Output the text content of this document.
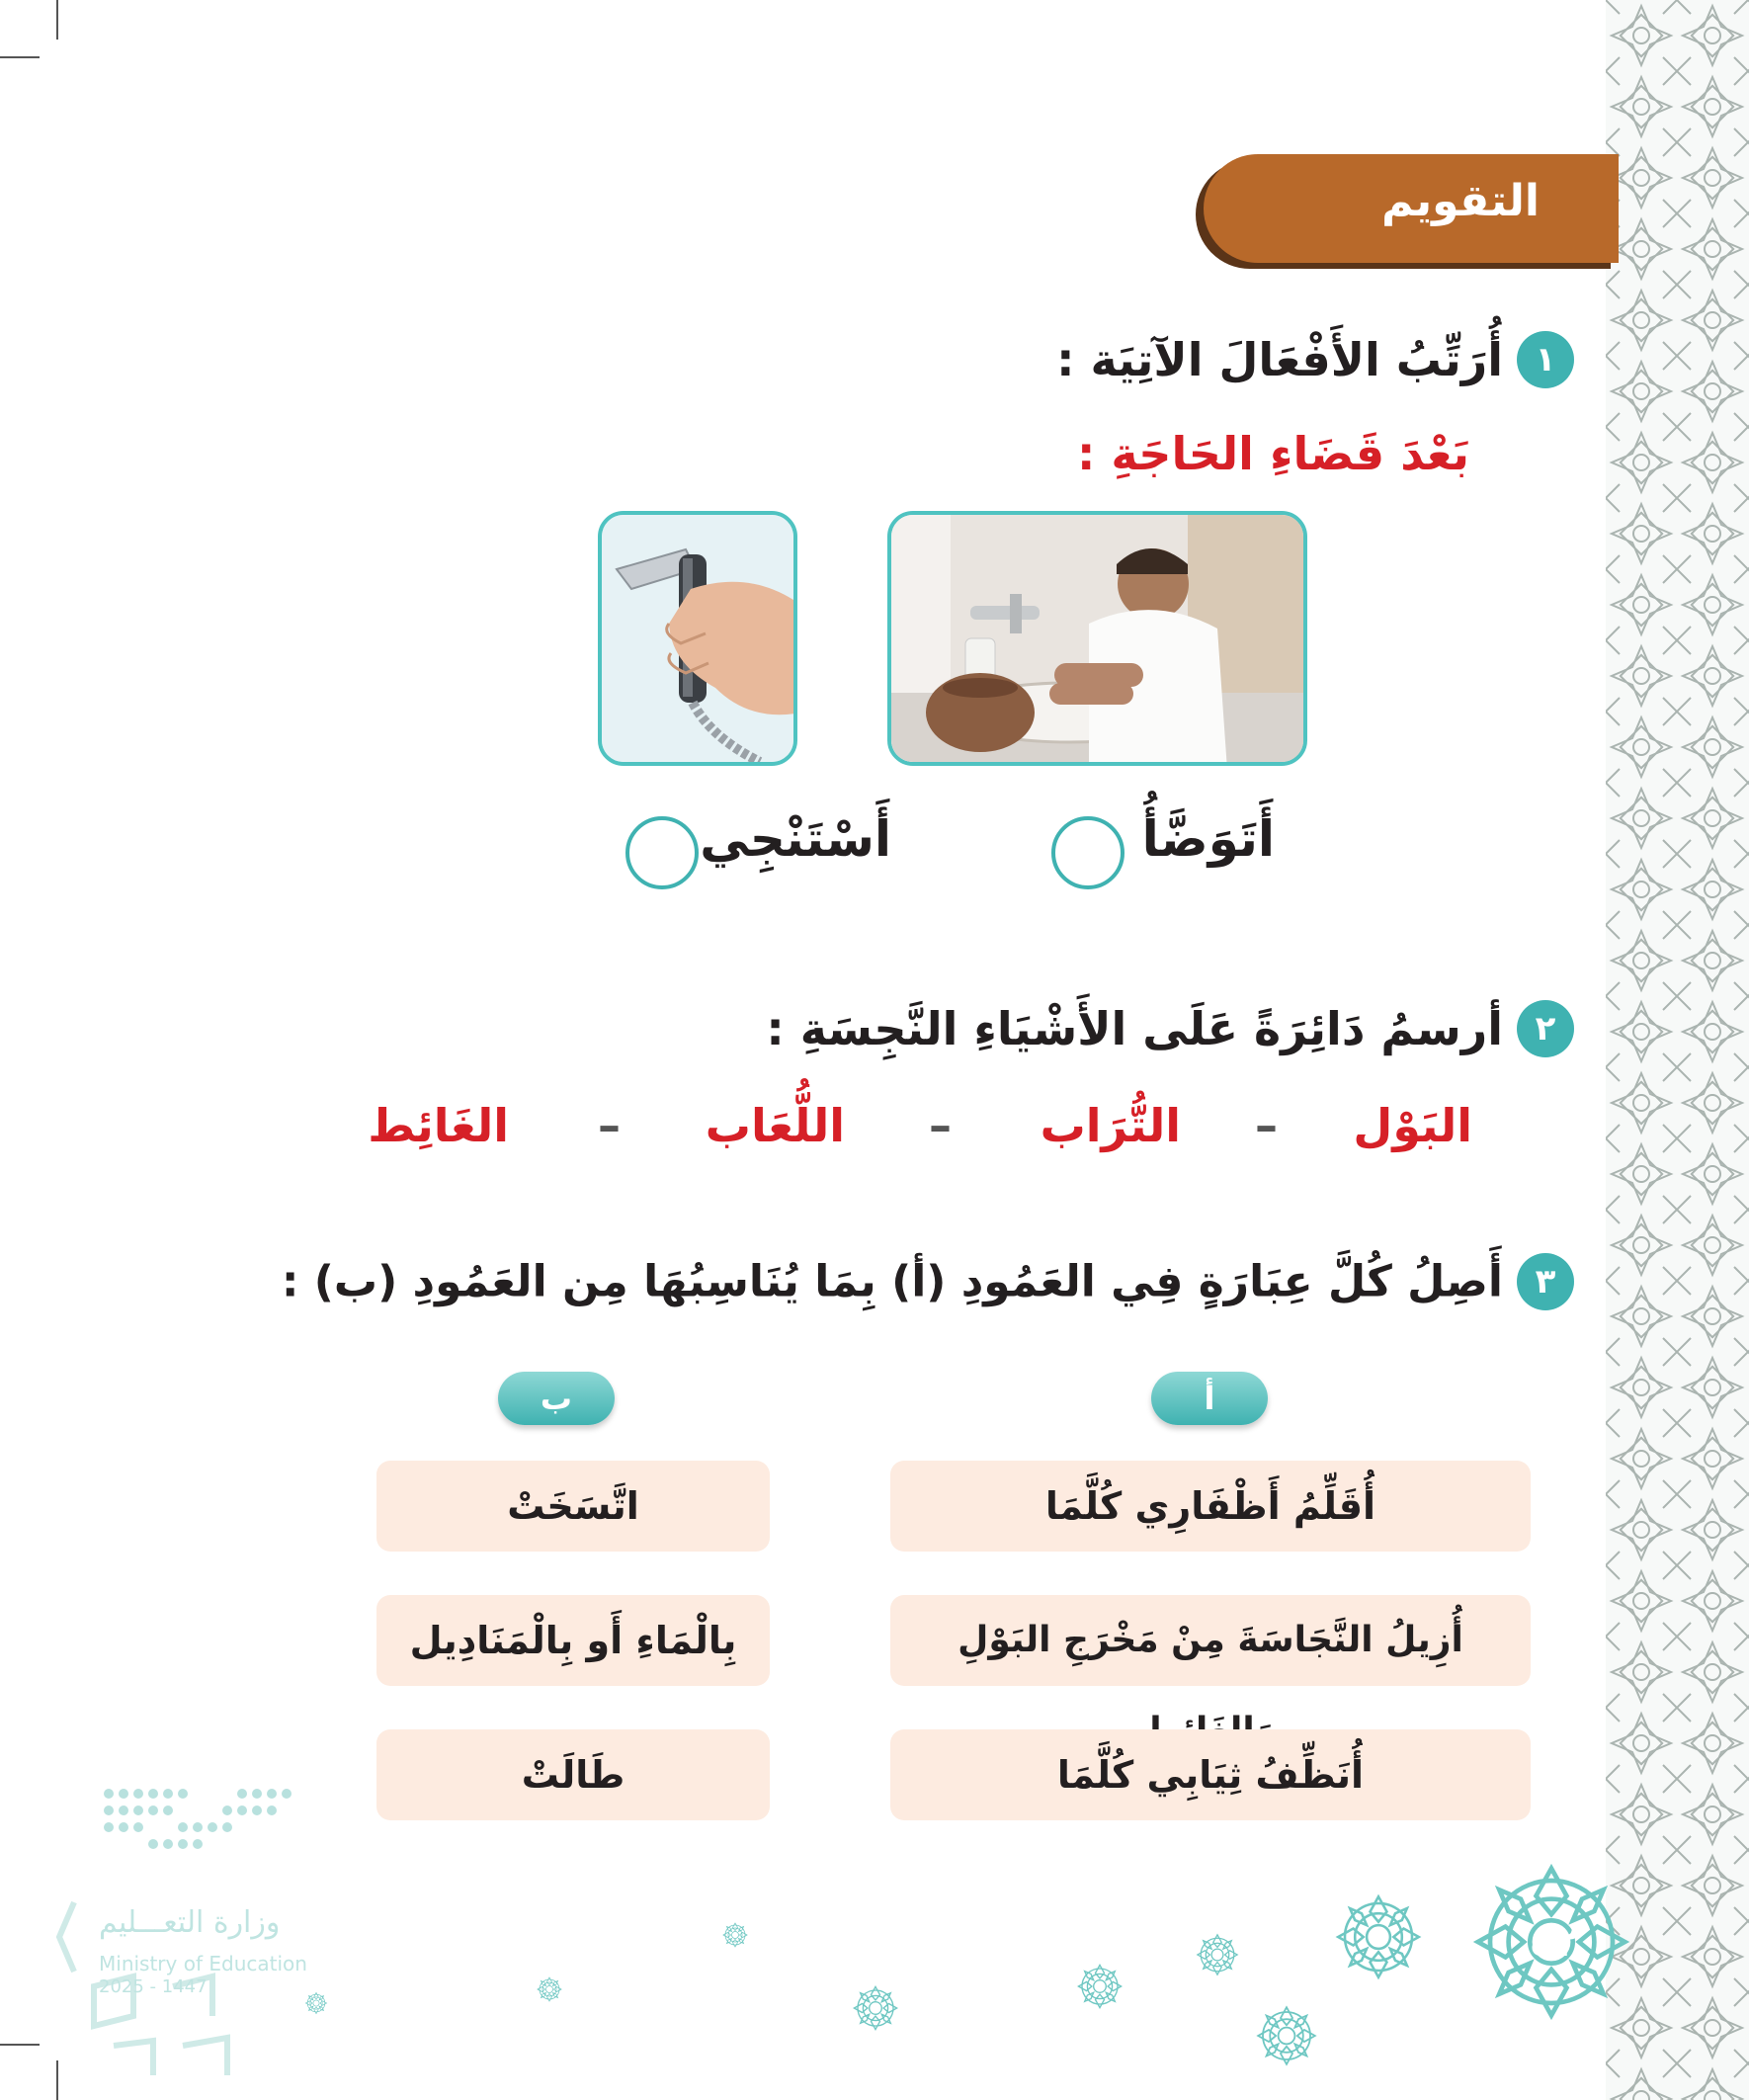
التقويم
١أُرَتِّبُ الأَفْعَالَ الآتِيَة :
بَعْدَ قَضَاءِ الحَاجَةِ :
أَتَوَضَّأُ
أَسْتَنْجِي
٢أرسمُ دَائِرَةً عَلَى الأَشْيَاءِ النَّجِسَةِ :
البَوْل
–
التُّرَاب
–
اللُّعَاب
–
الغَائِط
٣أَصِلُ كُلَّ عِبَارَةٍ فِي العَمُودِ (أ) بِمَا يُنَاسِبُهَا مِن العَمُودِ (ب) :
أ
ب
أُقَلِّمُ أَظْفَارِي كُلَّمَا
أُزِيلُ النَّجَاسَةَ مِنْ مَخْرَجِ البَوْلِ
أُنَظِّفُ ثِيَابِي كُلَّمَا
اتَّسَخَتْ
بِالْمَاءِ أَو بِالْمَنَادِيل
طَالَتْ
٤٢
وزارة التعـــليم
Ministry of Education
2025 - 1447
